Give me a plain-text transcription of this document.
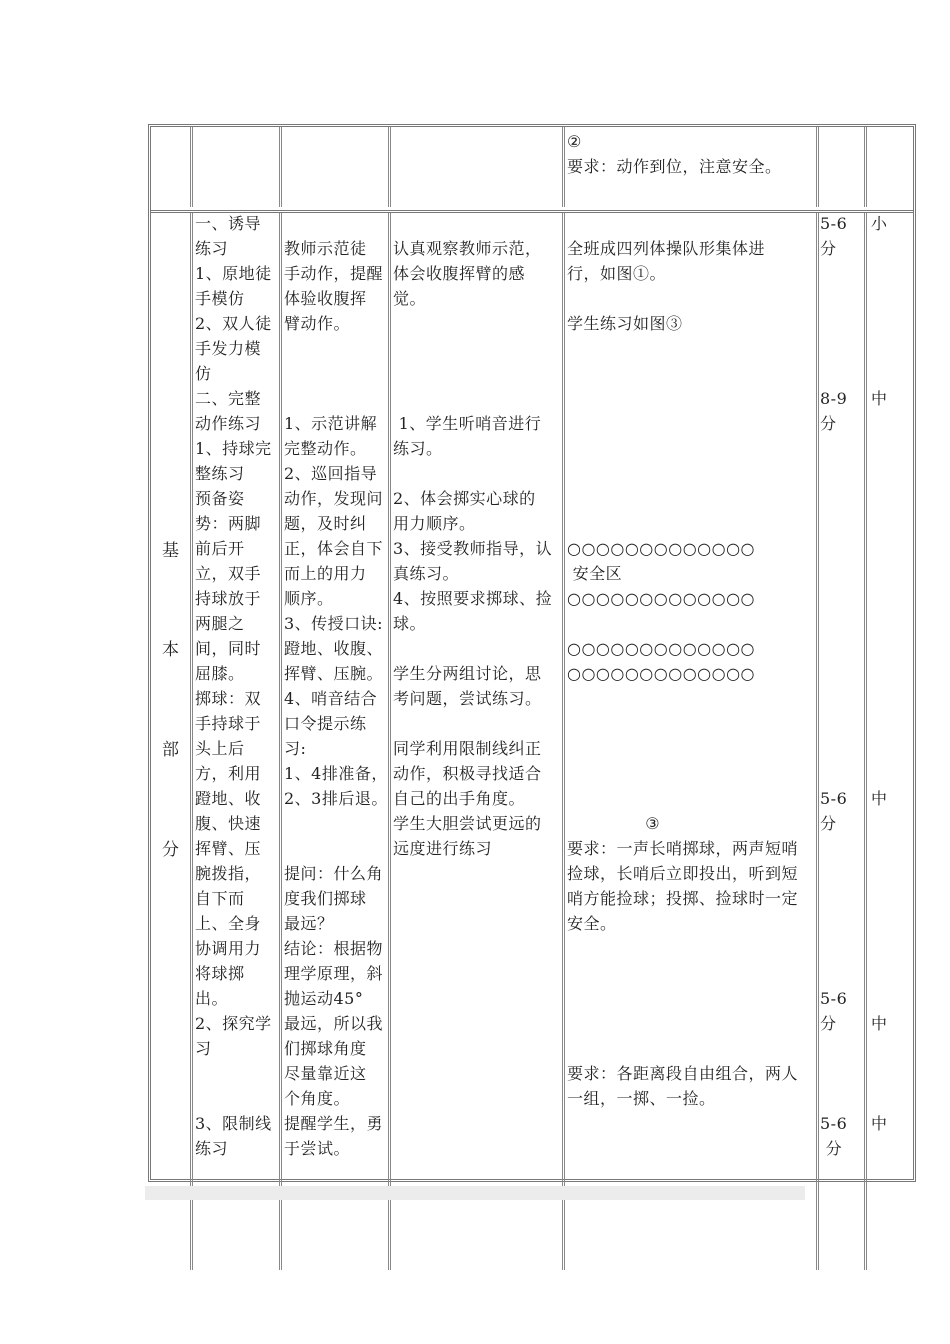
②
要求：动作到位，注意安全。
基
本
部
分
一、诱导
练习
1、原地徒
手模仿
2、双人徒
手发力模
仿
二、完整
动作练习
1、持球完
整练习
预备姿
势：两脚
前后开
立，双手
持球放于
两腿之
间，同时
屈膝。
掷球：双
手持球于
头上后
方，利用
蹬地、收
腹、快速
挥臂、压
腕拨指，
自下而
上、全身
协调用力
将球掷
出。
2、探究学
习
3、限制线
练习
教师示范徒
手动作，提醒
体验收腹挥
臂动作。
1、示范讲解
完整动作。
2、巡回指导
动作，发现问
题，及时纠
正，体会自下
而上的用力
顺序。
3、传授口诀:
蹬地、收腹、
挥臂、压腕。
4、哨音结合
口令提示练
习:
1、4排准备，
2、3排后退。
提问：什么角
度我们掷球
最远？
结论：根据物
理学原理，斜
抛运动45°
最远，所以我
们掷球角度
尽量靠近这
个角度。
提醒学生，勇
于尝试。
认真观察教师示范，
体会收腹挥臂的感
觉。
1、学生听哨音进行
练习。
2、体会掷实心球的
用力顺序。
3、接受教师指导，认
真练习。
4、按照要求掷球、捡
球。
学生分两组讨论，思
考问题，尝试练习。
同学利用限制线纠正
动作，积极寻找适合
自己的出手角度。
学生大胆尝试更远的
远度进行练习
全班成四列体操队形集体进
行，如图①。
学生练习如图③
○○○○○○○○○○○○○
安全区
○○○○○○○○○○○○○
○○○○○○○○○○○○○
○○○○○○○○○○○○○
③
要求：一声长哨掷球，两声短哨
捡球，长哨后立即投出，听到短
哨方能捡球；投掷、捡球时一定
安全。
要求：各距离段自由组合，两人
一组，一掷、一捡。
5-6
分
8-9
分
5-6
分
5-6
分
5-6
分
小
中
中
中
中
